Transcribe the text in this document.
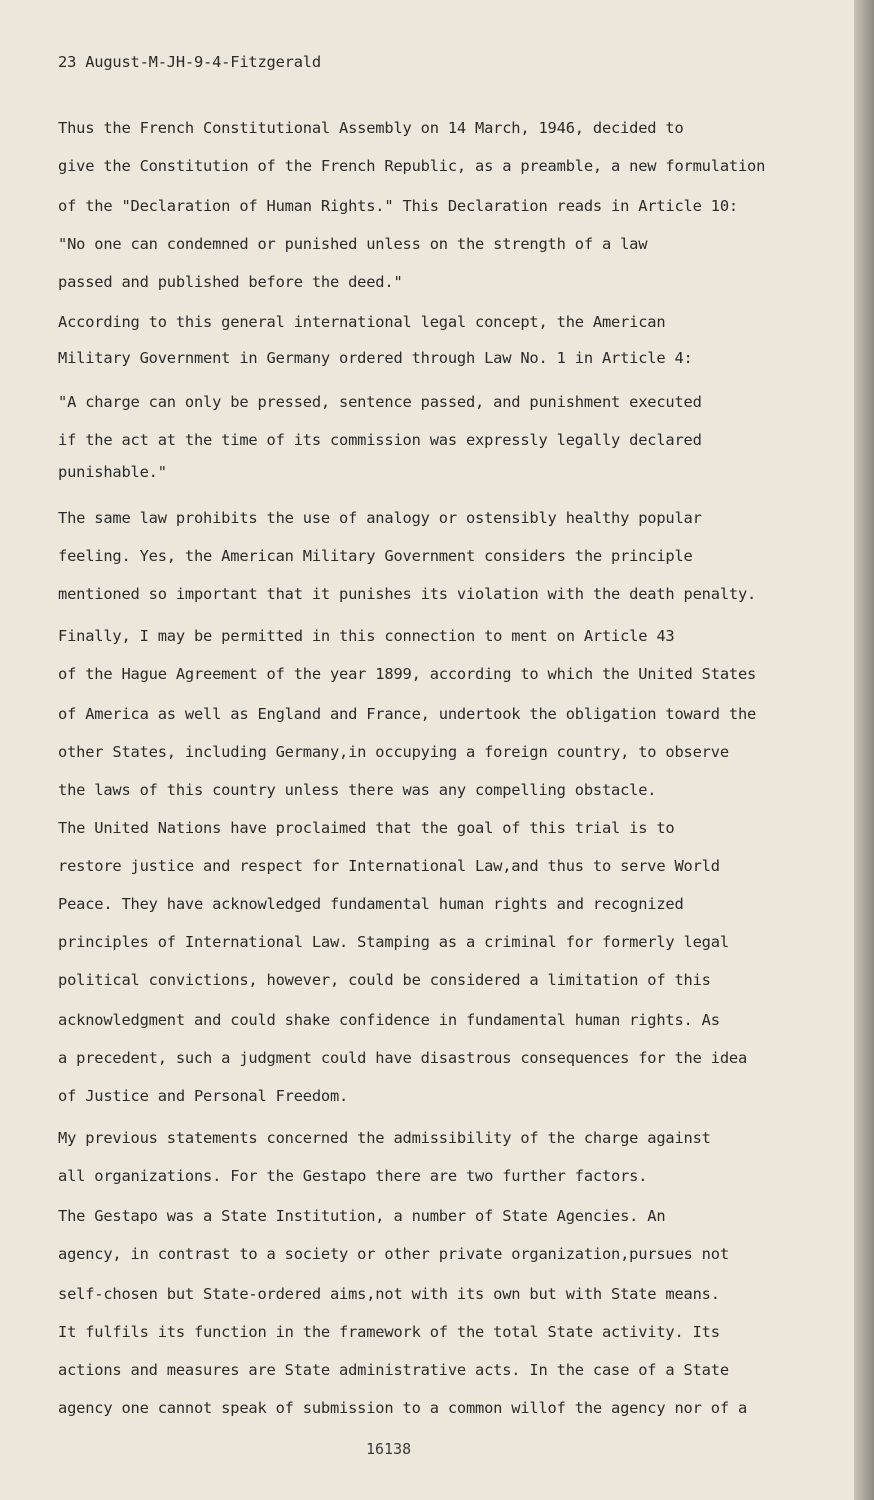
23 August-M-JH-9-4-Fitzgerald
Thus the French Constitutional Assembly on 14 March, 1946, decided to
give the Constitution of the French Republic, as a preamble, a new formulation
of the "Declaration of Human Rights." This Declaration reads in Article 10:
"No one can condemned or punished unless on the strength of a law
passed and published before the deed."
According to this general international legal concept, the American
Military Government in Germany ordered through Law No. 1 in Article 4:
"A charge can only be pressed, sentence passed, and punishment executed
if the act at the time of its commission was expressly legally declared
punishable."
The same law prohibits the use of analogy or ostensibly healthy popular
feeling. Yes, the American Military Government considers the principle
mentioned so important that it punishes its violation with the death penalty.
Finally, I may be permitted in this connection to ment on Article 43
of the Hague Agreement of the year 1899, according to which the United States
of America as well as England and France, undertook the obligation toward the
other States, including Germany,in occupying a foreign country, to observe
the laws of this country unless there was any compelling obstacle.
The United Nations have proclaimed that the goal of this trial is to
restore justice and respect for International Law,and thus to serve World
Peace. They have acknowledged fundamental human rights and recognized
principles of International Law. Stamping as a criminal for formerly legal
political convictions, however, could be considered a limitation of this
acknowledgment and could shake confidence in fundamental human rights. As
a precedent, such a judgment could have disastrous consequences for the idea
of Justice and Personal Freedom.
My previous statements concerned the admissibility of the charge against
all organizations. For the Gestapo there are two further factors.
The Gestapo was a State Institution, a number of State Agencies. An
agency, in contrast to a society or other private organization,pursues not
self-chosen but State-ordered aims,not with its own but with State means.
It fulfils its function in the framework of the total State activity. Its
actions and measures are State administrative acts. In the case of a State
agency one cannot speak of submission to a common willof the agency nor of a
16138
